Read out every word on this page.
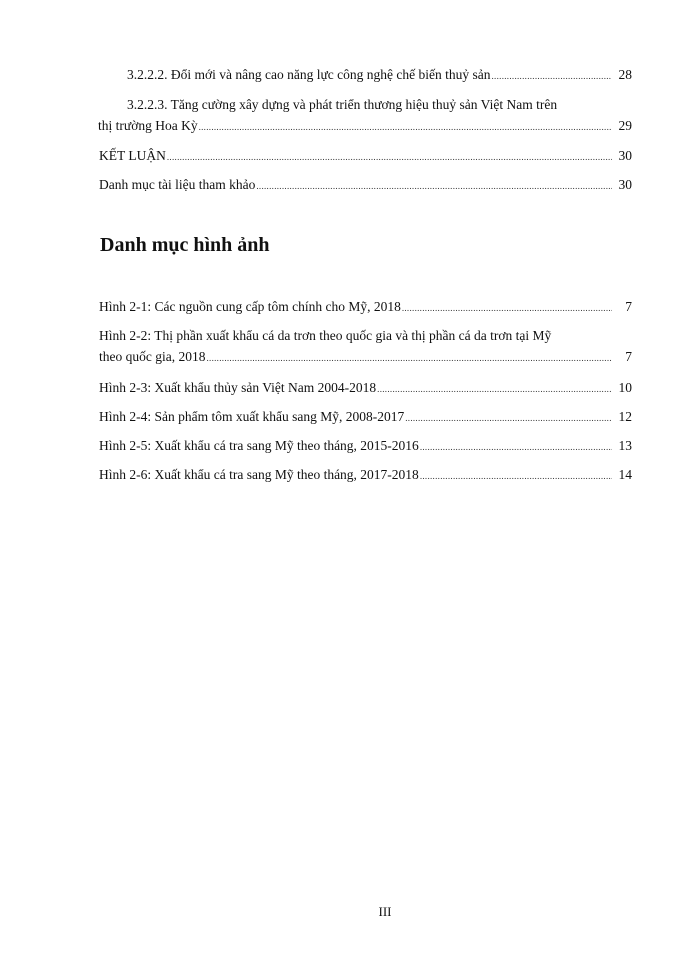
3.2.2.2. Đổi mới và nâng cao năng lực công nghệ chế biến thuỷ sản .....	28
3.2.2.3. Tăng cường xây dựng và phát triển thương hiệu thuỷ sản Việt Nam trên
thị trường Hoa Kỳ .....	29
KẾT LUẬN .....	30
Danh mục tài liệu tham khảo .....	30
Danh mục hình ảnh
Hình 2-1: Các nguồn cung cấp tôm chính cho Mỹ, 2018 .....	7
Hình 2-2: Thị phần xuất khẩu cá da trơn theo quốc gia và thị phần cá da trơn tại Mỹ
theo quốc gia, 2018 .....	7
Hình 2-3: Xuất khẩu thủy sản Việt Nam 2004-2018 .....	10
Hình 2-4: Sản phẩm tôm xuất khẩu sang Mỹ, 2008-2017 .....	12
Hình 2-5: Xuất khẩu cá tra sang Mỹ theo tháng, 2015-2016 .....	13
Hình 2-6: Xuất khẩu cá tra sang Mỹ theo tháng, 2017-2018 .....	14
III
